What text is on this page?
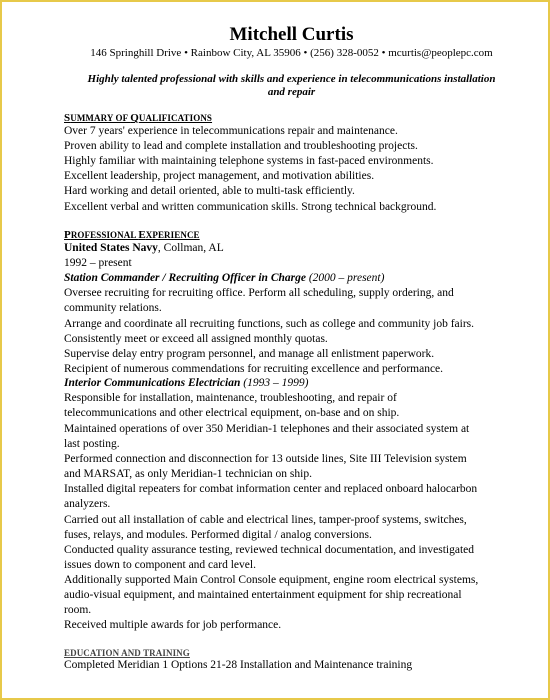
Mitchell Curtis
146 Springhill Drive • Rainbow City, AL 35906 • (256) 328-0052 • mcurtis@peoplepc.com
Highly talented professional with skills and experience in telecommunications installation
and repair
SUMMARY OF QUALIFICATIONS
Over 7 years' experience in telecommunications repair and maintenance.
Proven ability to lead and complete installation and troubleshooting projects.
Highly familiar with maintaining telephone systems in fast-paced environments.
Excellent leadership, project management, and motivation abilities.
Hard working and detail oriented, able to multi-task efficiently.
Excellent verbal and written communication skills. Strong technical background.
PROFESSIONAL EXPERIENCE
United States Navy, Collman, AL
1992 – present
Station Commander / Recruiting Officer in Charge (2000 – present)
Oversee recruiting for recruiting office. Perform all scheduling, supply ordering, and
community relations.
Arrange and coordinate all recruiting functions, such as college and community job fairs.
Consistently meet or exceed all assigned monthly quotas.
Supervise delay entry program personnel, and manage all enlistment paperwork.
Recipient of numerous commendations for recruiting excellence and performance.
Interior Communications Electrician (1993 – 1999)
Responsible for installation, maintenance, troubleshooting, and repair of
telecommunications and other electrical equipment, on-base and on ship.
Maintained operations of over 350 Meridian-1 telephones and their associated system at
last posting.
Performed connection and disconnection for 13 outside lines, Site III Television system
and MARSAT, as only Meridian-1 technician on ship.
Installed digital repeaters for combat information center and replaced onboard halocarbon
analyzers.
Carried out all installation of cable and electrical lines, tamper-proof systems, switches,
fuses, relays, and modules. Performed digital / analog conversions.
Conducted quality assurance testing, reviewed technical documentation, and investigated
issues down to component and card level.
Additionally supported Main Control Console equipment, engine room electrical systems,
audio-visual equipment, and maintained entertainment equipment for ship recreational
room.
Received multiple awards for job performance.
EDUCATION AND TRAINING
Completed Meridian 1 Options 21-28 Installation and Maintenance training
